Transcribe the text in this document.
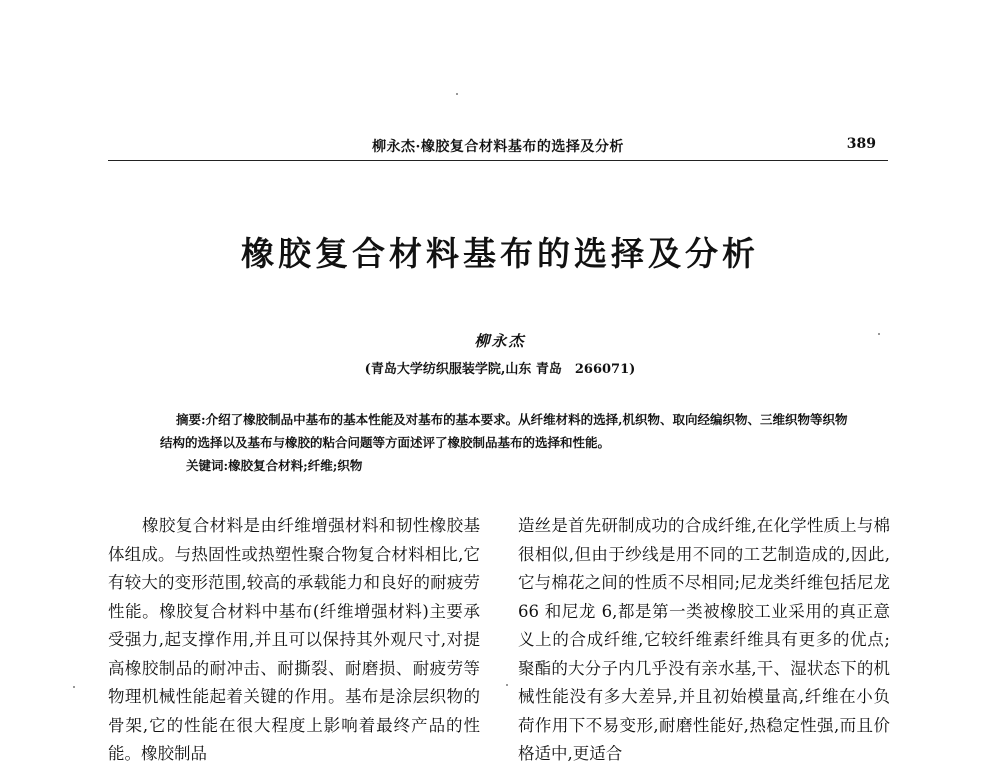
柳永杰·橡胶复合材料基布的选择及分析	389
橡胶复合材料基布的选择及分析
柳永杰
(青岛大学纺织服装学院,山东 青岛　266071)

摘要:介绍了橡胶制品中基布的基本性能及对基布的基本要求。从纤维材料的选择,机织物、取向经编织物、三维织物等织物结构的选择以及基布与橡胶的粘合问题等方面述评了橡胶制品基布的选择和性能。

关键词:橡胶复合材料;纤维;织物

橡胶复合材料是由纤维增强材料和韧性橡胶基体组成。与热固性或热塑性聚合物复合材料相比,它有较大的变形范围,较高的承载能力和良好的耐疲劳性能。橡胶复合材料中基布(纤维增强材料)主要承受强力,起支撑作用,并且可以保持其外观尺寸,对提高橡胶制品的耐冲击、耐撕裂、耐磨损、耐疲劳等物理机械性能起着关键的作用。基布是涂层织物的骨架,它的性能在很大程度上影响着最终产品的性能。橡胶制品

造丝是首先研制成功的合成纤维,在化学性质上与棉很相似,但由于纱线是用不同的工艺制造成的,因此,它与棉花之间的性质不尽相同;尼龙类纤维包括尼龙 66 和尼龙 6,都是第一类被橡胶工业采用的真正意义上的合成纤维,它较纤维素纤维具有更多的优点;聚酯的大分子内几乎没有亲水基,干、湿状态下的机械性能没有多大差异,并且初始模量高,纤维在小负荷作用下不易变形,耐磨性能好,热稳定性强,而且价格适中,更适合
